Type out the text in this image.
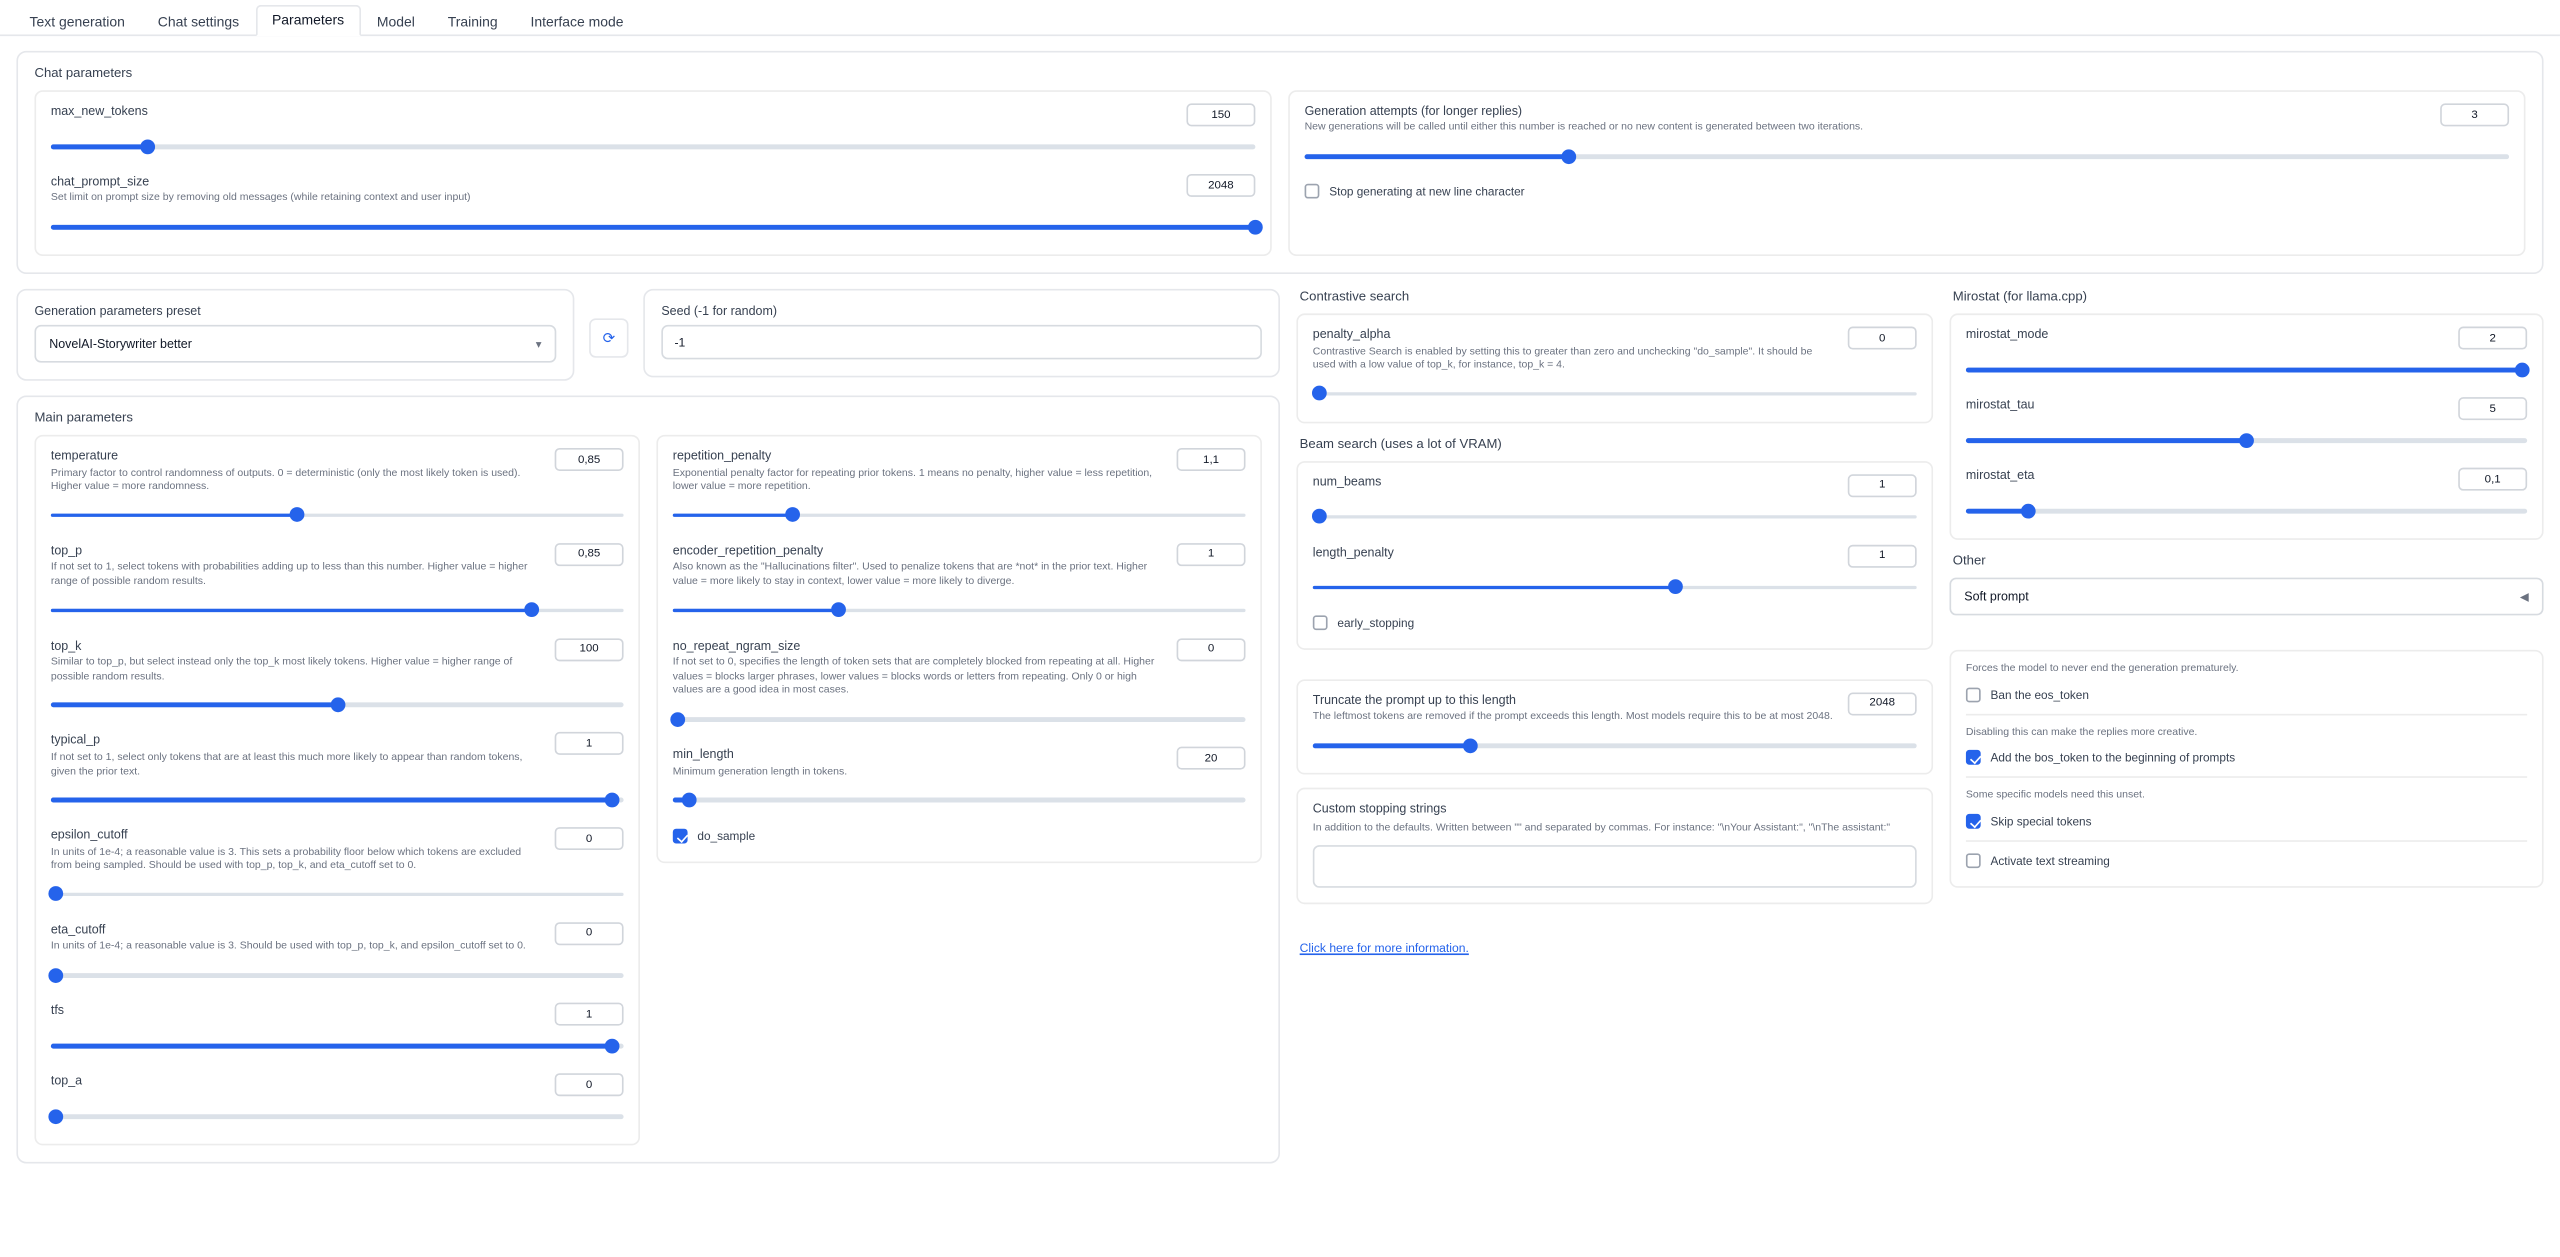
Text generation	Chat settings	Parameters	Model	Training	Interface mode
Chat parameters
max_new_tokens	150
chat_prompt_size
Set limit on prompt size by removing old messages (while retaining context and user input)
2048
Generation attempts (for longer replies)
New generations will be called until either this number is reached or no new content is generated between two iterations.
3
Stop generating at new line character
Generation parameters preset
NovelAI-Storywriter better	▾	⟳
Seed (-1 for random)
-1
Main parameters
temperature
Primary factor to control randomness of outputs. 0 = deterministic (only the most likely token is used). Higher value = more randomness.
0,85
top_p
If not set to 1, select tokens with probabilities adding up to less than this number. Higher value = higher range of possible random results.
0,85
top_k
Similar to top_p, but select instead only the top_k most likely tokens. Higher value = higher range of possible random results.
100
typical_p
If not set to 1, select only tokens that are at least this much more likely to appear than random tokens, given the prior text.
1
epsilon_cutoff
In units of 1e-4; a reasonable value is 3. This sets a probability floor below which tokens are excluded from being sampled. Should be used with top_p, top_k, and eta_cutoff set to 0.
0
eta_cutoff
In units of 1e-4; a reasonable value is 3. Should be used with top_p, top_k, and epsilon_cutoff set to 0.
0
tfs	1
top_a	0
repetition_penalty
Exponential penalty factor for repeating prior tokens. 1 means no penalty, higher value = less repetition, lower value = more repetition.
1,1
encoder_repetition_penalty
Also known as the "Hallucinations filter". Used to penalize tokens that are *not* in the prior text. Higher value = more likely to stay in context, lower value = more likely to diverge.
1
no_repeat_ngram_size
If not set to 0, specifies the length of token sets that are completely blocked from repeating at all. Higher values = blocks larger phrases, lower values = blocks words or letters from repeating. Only 0 or high values are a good idea in most cases.
0
min_length
Minimum generation length in tokens.
20
do_sample
Contrastive search
penalty_alpha
Contrastive Search is enabled by setting this to greater than zero and unchecking "do_sample". It should be used with a low value of top_k, for instance, top_k = 4.
0
Beam search (uses a lot of VRAM)
num_beams	1
length_penalty	1
early_stopping
Truncate the prompt up to this length
The leftmost tokens are removed if the prompt exceeds this length. Most models require this to be at most 2048.
2048
Custom stopping strings
In addition to the defaults. Written between "" and separated by commas. For instance: "\nYour Assistant:", "\nThe assistant:"
Click here for more information.
Mirostat (for llama.cpp)
mirostat_mode	2
mirostat_tau	5
mirostat_eta	0,1
Other
Soft prompt	◀
Forces the model to never end the generation prematurely.
Ban the eos_token
Disabling this can make the replies more creative.
Add the bos_token to the beginning of prompts
Some specific models need this unset.
Skip special tokens
Activate text streaming
